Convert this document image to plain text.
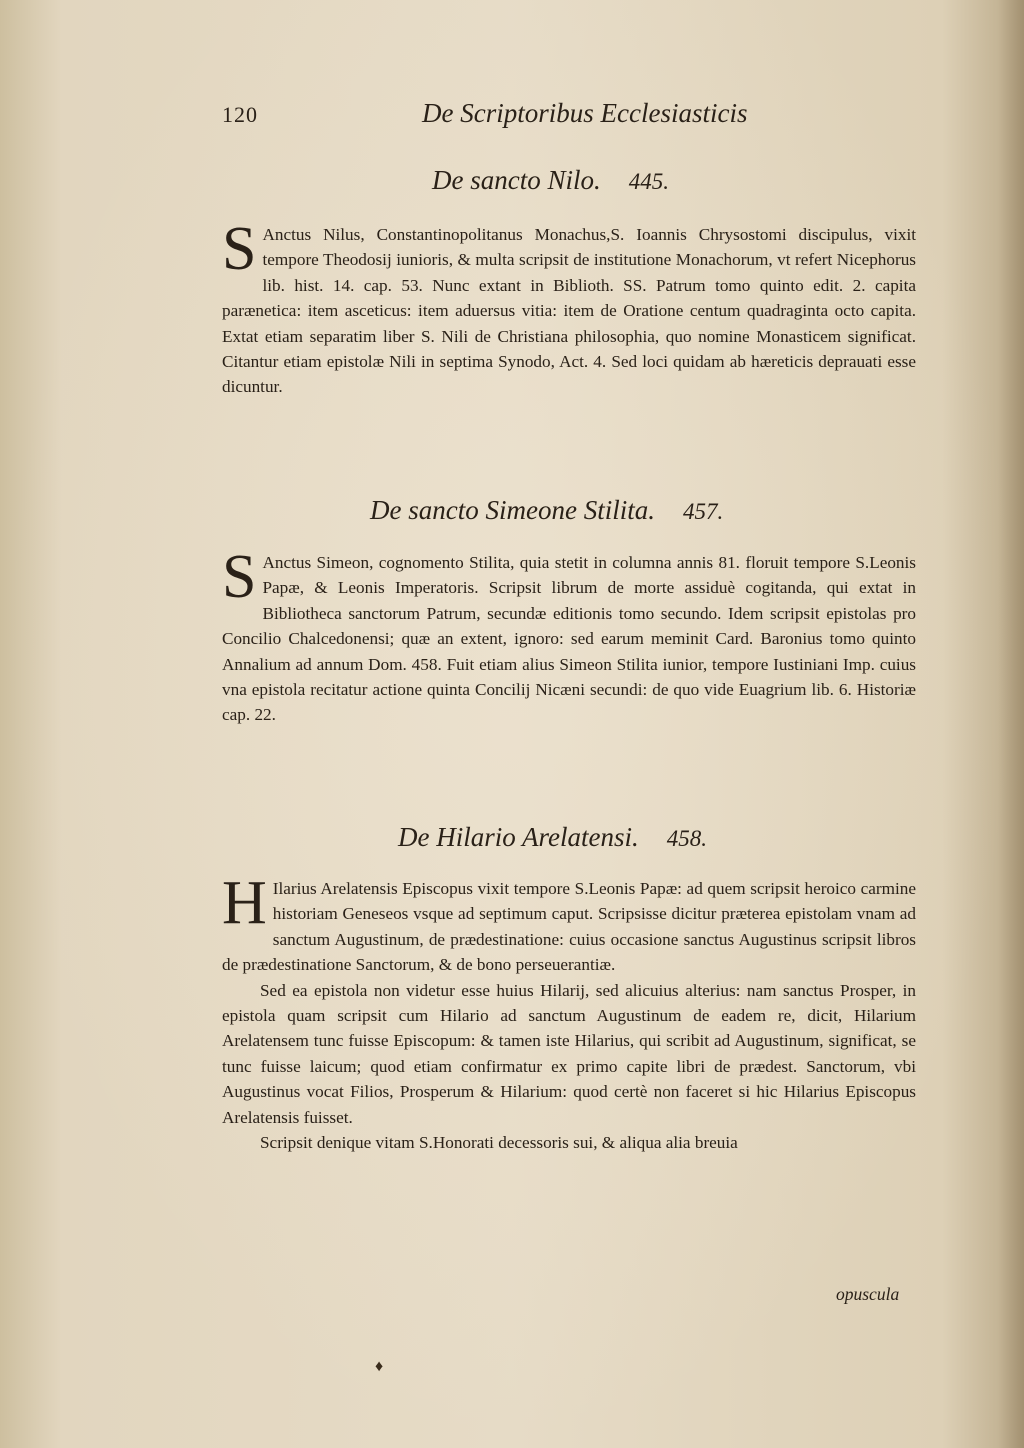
120	De Scriptoribus Ecclesiasticis
De sancto Nilo. 445.
S Anctus Nilus, Constantinopolitanus Monachus,S. Ioannis Chrysostomi discipulus, vixit tempore Theodosij iunioris, & multa scripsit de institutione Monachorum, vt refert Nicephorus lib. hist. 14. cap. 53. Nunc extant in Biblioth. SS. Patrum tomo quinto edit. 2. capita parænetica: item asceticus: item aduersus vitia: item de Oratione centum quadraginta octo capita. Extat etiam separatim liber S. Nili de Christiana philosophia, quo nomine Monasticem significat. Citantur etiam epistolæ Nili in septima Synodo, Act. 4. Sed loci quidam ab hæreticis deprauati esse dicuntur.

De sancto Simeone Stilita. 457.
S Anctus Simeon, cognomento Stilita, quia stetit in columna annis 81. floruit tempore S.Leonis Papæ, & Leonis Imperatoris. Scripsit librum de morte assiduè cogitanda, qui extat in Bibliotheca sanctorum Patrum, secundæ editionis tomo secundo. Idem scripsit epistolas pro Concilio Chalcedonensi; quæ an extent, ignoro: sed earum meminit Card. Baronius tomo quinto Annalium ad annum Dom. 458. Fuit etiam alius Simeon Stilita iunior, tempore Iustiniani Imp. cuius vna epistola recitatur actione quinta Concilij Nicæni secundi: de quo vide Euagrium lib. 6. Historiæ cap. 22.

De Hilario Arelatensi. 458.
H Ilarius Arelatensis Episcopus vixit tempore S.Leonis Papæ: ad quem scripsit heroico carmine historiam Geneseos vsque ad septimum caput. Scripsisse dicitur præterea epistolam vnam ad sanctum Augustinum, de prædestinatione: cuius occasione sanctus Augustinus scripsit libros de prædestinatione Sanctorum, & de bono perseuerantiæ.

Sed ea epistola non videtur esse huius Hilarij, sed alicuius alterius: nam sanctus Prosper, in epistola quam scripsit cum Hilario ad sanctum Augustinum de eadem re, dicit, Hilarium Arelatensem tunc fuisse Episcopum: & tamen iste Hilarius, qui scribit ad Augustinum, significat, se tunc fuisse laicum; quod etiam confirmatur ex primo capite libri de prædest. Sanctorum, vbi Augustinus vocat Filios, Prosperum & Hilarium: quod certè non faceret si hic Hilarius Episcopus Arelatensis fuisset.

Scripsit denique vitam S.Honorati decessoris sui, & aliqua alia breuia

opuscula
♦
